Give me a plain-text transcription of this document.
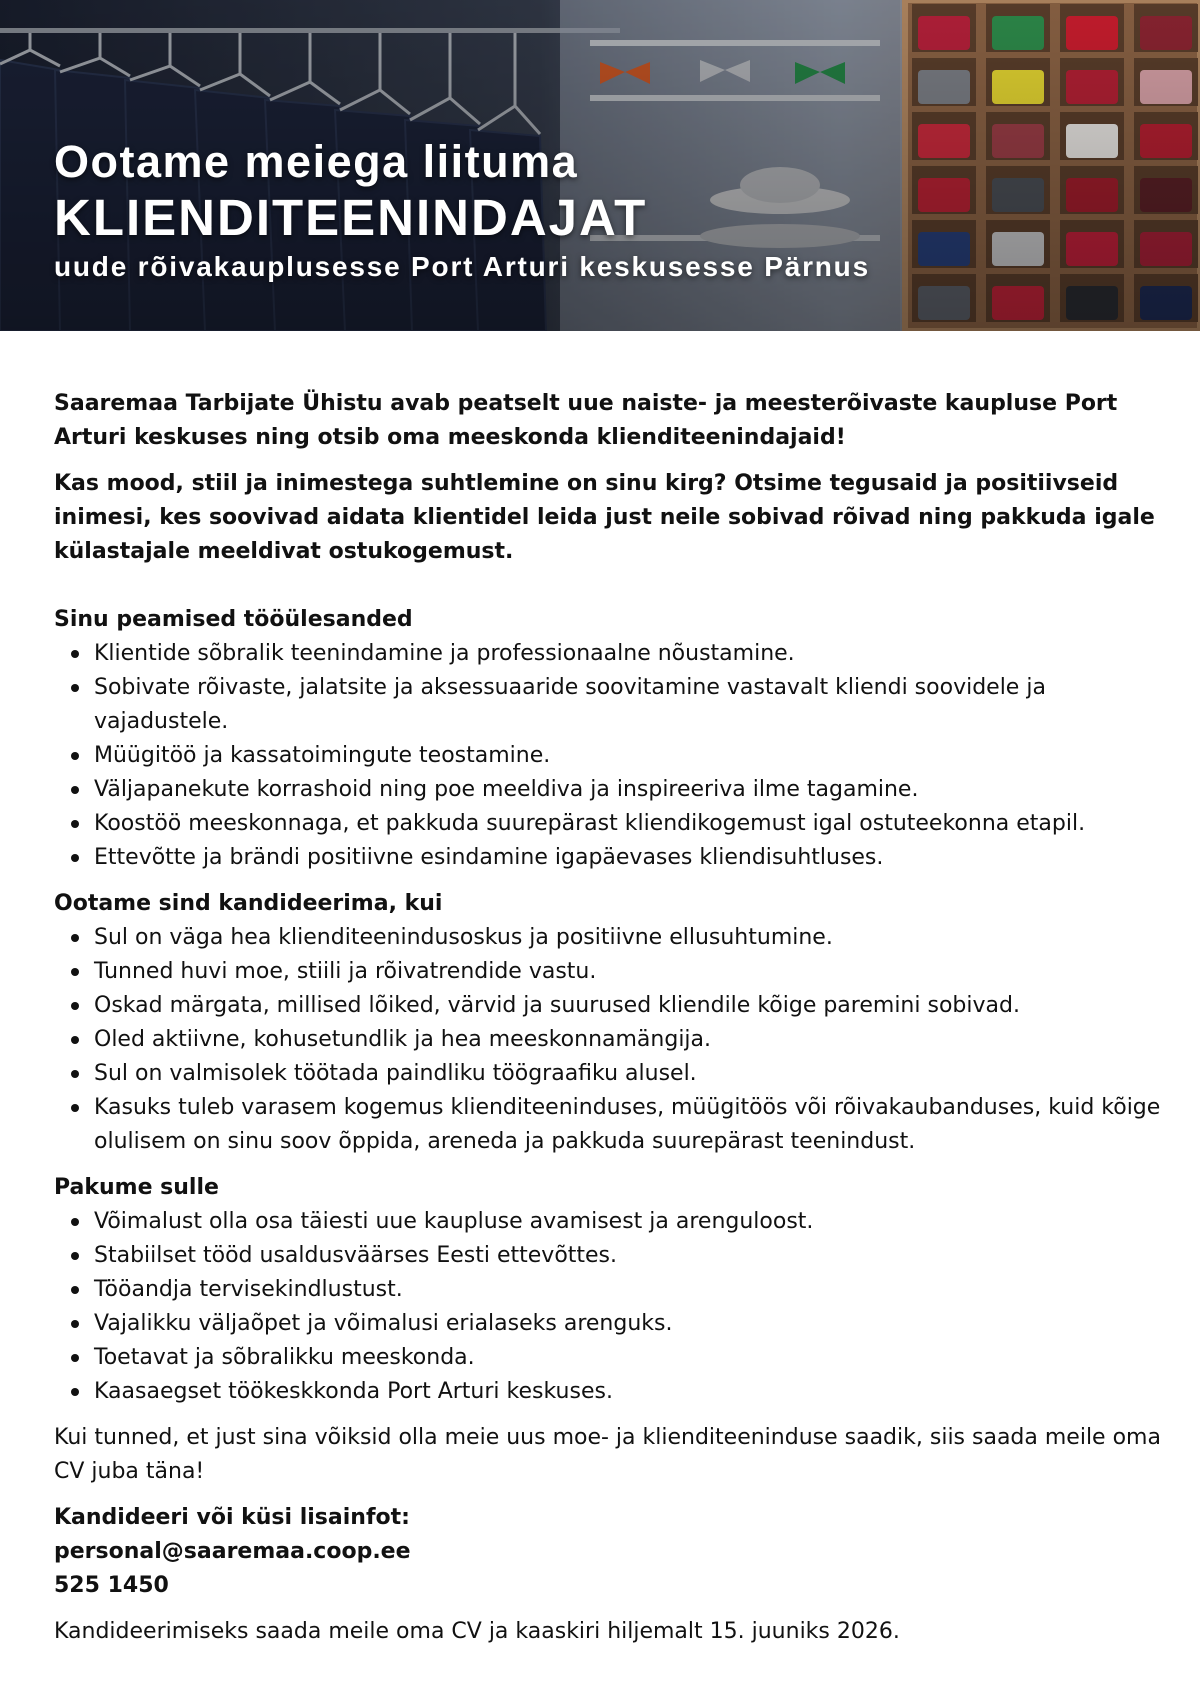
Ootame meiega liituma
KLIENDITEENINDAJAT
uude rõivakauplusesse Port Arturi keskusesse Pärnus

Saaremaa Tarbijate Ühistu avab peatselt uue naiste- ja meesterõivaste kaupluse Port Arturi keskuses ning otsib oma meeskonda klienditeenindajaid!

Kas mood, stiil ja inimestega suhtlemine on sinu kirg? Otsime tegusaid ja positiivseid inimesi, kes soovivad aidata klientidel leida just neile sobivad rõivad ning pakkuda igale külastajale meeldivat ostukogemust.

Sinu peamised tööülesanded
Klientide sõbralik teenindamine ja professionaalne nõustamine.
Sobivate rõivaste, jalatsite ja aksessuaaride soovitamine vastavalt kliendi soovidele ja vajadustele.
Müügitöö ja kassatoimingute teostamine.
Väljapanekute korrashoid ning poe meeldiva ja inspireeriva ilme tagamine.
Koostöö meeskonnaga, et pakkuda suurepärast kliendikogemust igal ostuteekonna etapil.
Ettevõtte ja brändi positiivne esindamine igapäevases kliendisuhtluses.
Ootame sind kandideerima, kui
Sul on väga hea klienditeenindusoskus ja positiivne ellusuhtumine.
Tunned huvi moe, stiili ja rõivatrendide vastu.
Oskad märgata, millised lõiked, värvid ja suurused kliendile kõige paremini sobivad.
Oled aktiivne, kohusetundlik ja hea meeskonnamängija.
Sul on valmisolek töötada paindliku töögraafiku alusel.
Kasuks tuleb varasem kogemus klienditeeninduses, müügitöös või rõivakaubanduses, kuid kõige olulisem on sinu soov õppida, areneda ja pakkuda suurepärast teenindust.
Pakume sulle
Võimalust olla osa täiesti uue kaupluse avamisest ja arenguloost.
Stabiilset tööd usaldusväärses Eesti ettevõttes.
Tööandja tervisekindlustust.
Vajalikku väljaõpet ja võimalusi erialaseks arenguks.
Toetavat ja sõbralikku meeskonda.
Kaasaegset töökeskkonda Port Arturi keskuses.

Kui tunned, et just sina võiksid olla meie uus moe- ja klienditeeninduse saadik, siis saada meile oma CV juba täna!

Kandideeri või küsi lisainfot:
personal@saaremaa.coop.ee
525 1450

Kandideerimiseks saada meile oma CV ja kaaskiri hiljemalt 15. juuniks 2026.
